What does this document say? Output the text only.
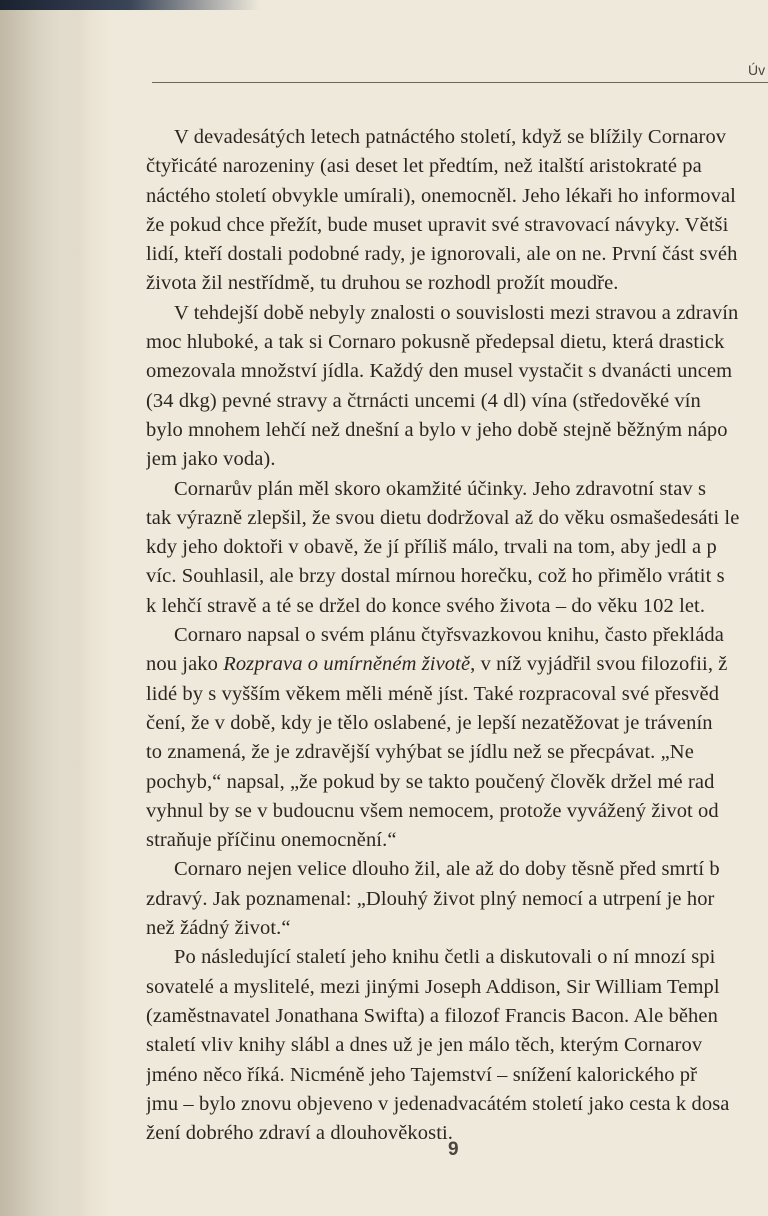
Úv
V devadesátých letech patnáctého století, když se blížily Cornarov
čtyřicáté narozeniny (asi deset let předtím, než italští aristokraté pa
náctého století obvykle umírali), onemocněl. Jeho lékaři ho informoval
že pokud chce přežít, bude muset upravit své stravovací návyky. Větši
lidí, kteří dostali podobné rady, je ignorovali, ale on ne. První část svéh
života žil nestřídmě, tu druhou se rozhodl prožít moudře.
V tehdejší době nebyly znalosti o souvislosti mezi stravou a zdravín
moc hluboké, a tak si Cornaro pokusně předepsal dietu, která drastick
omezovala množství jídla. Každý den musel vystačit s dvanácti uncem
(34 dkg) pevné stravy a čtrnácti uncemi (4 dl) vína (středověké vín
bylo mnohem lehčí než dnešní a bylo v jeho době stejně běžným nápo
jem jako voda).
Cornarův plán měl skoro okamžité účinky. Jeho zdravotní stav s
tak výrazně zlepšil, že svou dietu dodržoval až do věku osmašedesáti le
kdy jeho doktoři v obavě, že jí příliš málo, trvali na tom, aby jedl a p
víc. Souhlasil, ale brzy dostal mírnou horečku, což ho přimělo vrátit s
k lehčí stravě a té se držel do konce svého života – do věku 102 let.
Cornaro napsal o svém plánu čtyřsvazkovou knihu, často překláda
nou jako Rozprava o umírněném životě, v níž vyjádřil svou filozofii, ž
lidé by s vyšším věkem měli méně jíst. Také rozpracoval své přesvěd
čení, že v době, kdy je tělo oslabené, je lepší nezatěžovat je trávenín
to znamená, že je zdravější vyhýbat se jídlu než se přecpávat. „Ne
pochyb,“ napsal, „že pokud by se takto poučený člověk držel mé rad
vyhnul by se v budoucnu všem nemocem, protože vyvážený život od
straňuje příčinu onemocnění.“
Cornaro nejen velice dlouho žil, ale až do doby těsně před smrtí b
zdravý. Jak poznamenal: „Dlouhý život plný nemocí a utrpení je hor
než žádný život.“
Po následující staletí jeho knihu četli a diskutovali o ní mnozí spi
sovatelé a myslitelé, mezi jinými Joseph Addison, Sir William Templ
(zaměstnavatel Jonathana Swifta) a filozof Francis Bacon. Ale běhen
staletí vliv knihy slábl a dnes už je jen málo těch, kterým Cornarov
jméno něco říká. Nicméně jeho Tajemství – snížení kalorického př
jmu – bylo znovu objeveno v jedenadvacátém století jako cesta k dosa
žení dobrého zdraví a dlouhověkosti.
9
